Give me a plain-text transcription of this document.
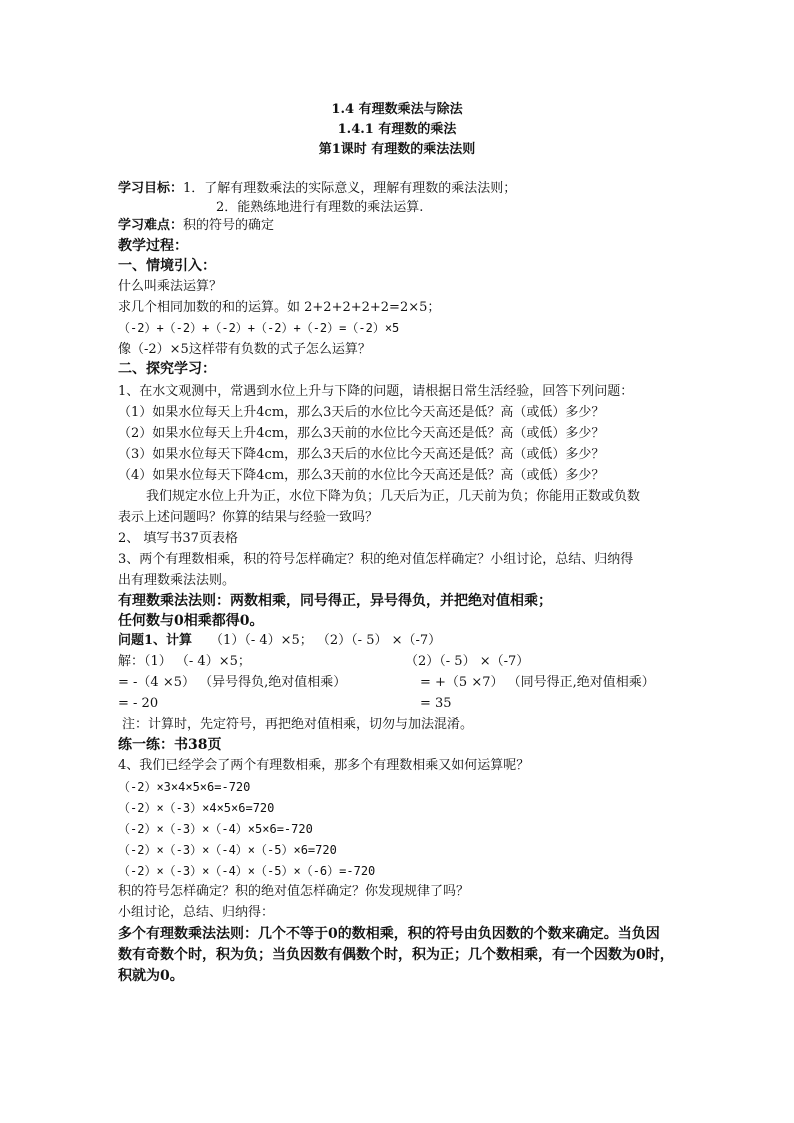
1.4 有理数乘法与除法
1.4.1 有理数的乘法
第1课时 有理数的乘法法则
学习目标：1．了解有理数乘法的实际意义，理解有理数的乘法法则；
2．能熟练地进行有理数的乘法运算.
学习难点：积的符号的确定
教学过程：
一、情境引入：
什么叫乘法运算？
求几个相同加数的和的运算。如 2+2+2+2+2=2×5；
（-2）+（-2）+（-2）+（-2）+（-2）=（-2）×5
像（-2）×5这样带有负数的式子怎么运算？
二、探究学习：
1、在水文观测中，常遇到水位上升与下降的问题，请根据日常生活经验，回答下列问题：
（1）如果水位每天上升4cm，那么3天后的水位比今天高还是低？高（或低）多少？
（2）如果水位每天上升4cm，那么3天前的水位比今天高还是低？高（或低）多少？
（3）如果水位每天下降4cm，那么3天后的水位比今天高还是低？高（或低）多少？
（4）如果水位每天下降4cm，那么3天前的水位比今天高还是低？高（或低）多少？
我们规定水位上升为正，水位下降为负；几天后为正，几天前为负；你能用正数或负数
表示上述问题吗？你算的结果与经验一致吗？
2、 填写书37页表格
3、两个有理数相乘，积的符号怎样确定？积的绝对值怎样确定？小组讨论，总结、归纳得
出有理数乘法法则。
有理数乘法法则：两数相乘，同号得正，异号得负，并把绝对值相乘；
任何数与0相乘都得0。
问题1、计算 （1）（- 4）×5； （2）（- 5） ×（-7）
解：（1） （- 4）×5；	（2）（- 5） ×（-7）
= -（4 ×5） （异号得负,绝对值相乘）	= +（5 ×7） （同号得正,绝对值相乘）
= - 20	= 35
注：计算时，先定符号，再把绝对值相乘，切勿与加法混淆。
练一练：书38页
4、我们已经学会了两个有理数相乘，那多个有理数相乘又如何运算呢？
（-2）×3×4×5×6=-720
（-2）×（-3）×4×5×6=720
（-2）×（-3）×（-4）×5×6=-720
（-2）×（-3）×（-4）×（-5）×6=720
（-2）×（-3）×（-4）×（-5）×（-6）=-720
积的符号怎样确定？积的绝对值怎样确定？你发现规律了吗？
小组讨论，总结、归纳得：
多个有理数乘法法则：几个不等于0的数相乘，积的符号由负因数的个数来确定。当负因
数有奇数个时，积为负；当负因数有偶数个时，积为正；几个数相乘，有一个因数为0时，
积就为0。
